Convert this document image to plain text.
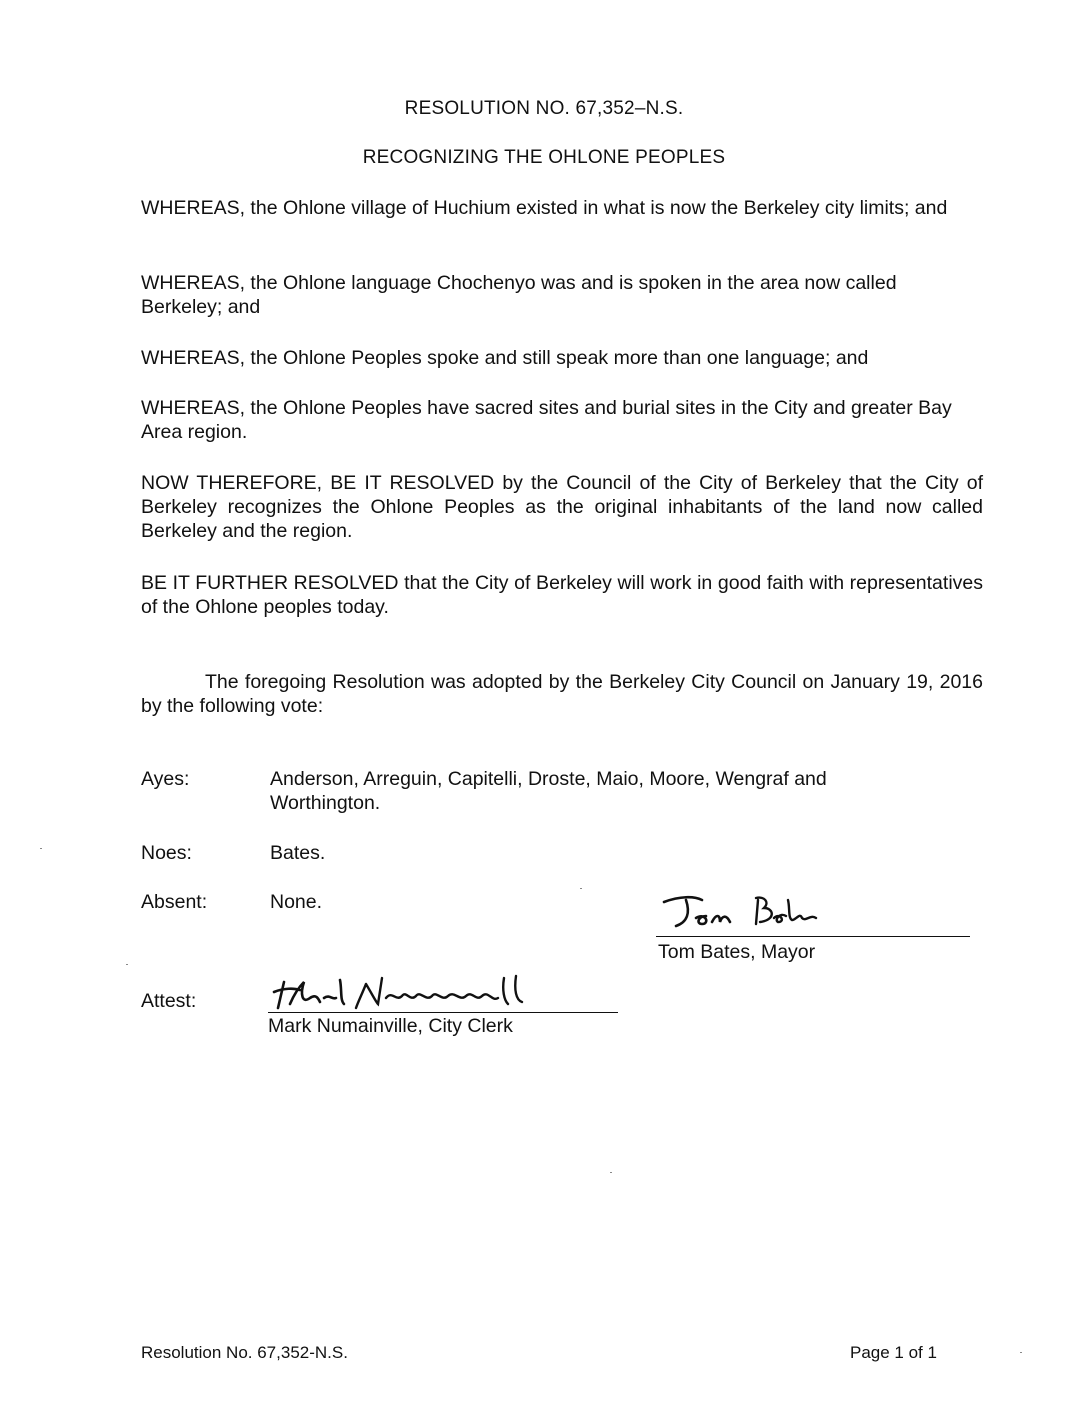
RESOLUTION NO. 67,352–N.S.
RECOGNIZING THE OHLONE PEOPLES

WHEREAS, the Ohlone village of Huchium existed in what is now the Berkeley city limits; and

WHEREAS, the Ohlone language Chochenyo was and is spoken in the area now called Berkeley; and

WHEREAS, the Ohlone Peoples spoke and still speak more than one language; and

WHEREAS, the Ohlone Peoples have sacred sites and burial sites in the City and greater Bay Area region.

NOW THEREFORE, BE IT RESOLVED by the Council of the City of Berkeley that the City of Berkeley recognizes the Ohlone Peoples as the original inhabitants of the land now called Berkeley and the region.

BE IT FURTHER RESOLVED that the City of Berkeley will work in good faith with representatives of the Ohlone peoples today.

The foregoing Resolution was adopted by the Berkeley City Council on January 19, 2016 by the following vote:

Ayes:	Anderson, Arreguin, Capitelli, Droste, Maio, Moore, Wengraf and Worthington.
Noes:	Bates.
Absent:	None.
Tom Bates, Mayor
Attest:
Mark Numainville, City Clerk
Resolution No. 67,352-N.S.	Page 1 of 1
